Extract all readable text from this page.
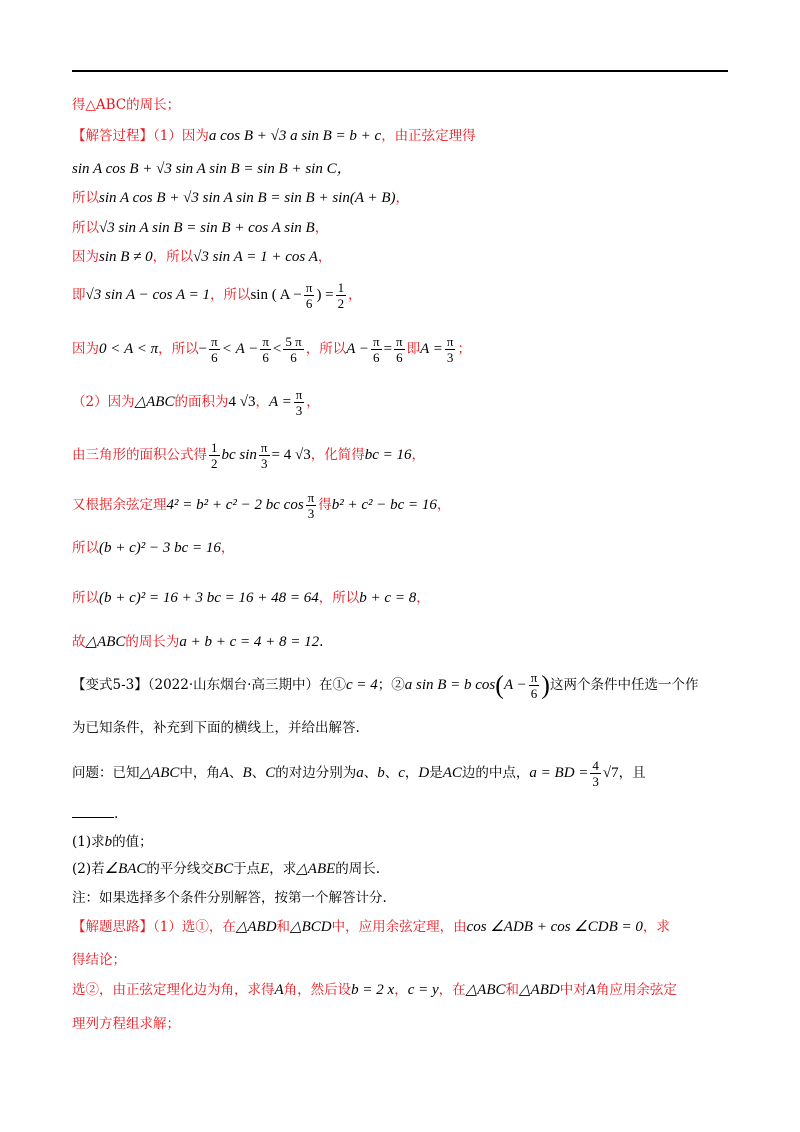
得△ABC的周长；
【解答过程】（1）因为a cos B + √3 a sin B = b + c，由正弦定理得
sin A cos B + √3 sin A sin B = sin B + sin C，
所以sin A cos B + √3 sin A sin B = sin B + sin(A + B)，
所以√3 sin A sin B = sin B + cos A sin B，
因为sin B ≠ 0，所以√3 sin A = 1 + cos A，
即√3 sin A − cos A = 1，所以sin ( $A - \frac{\pi}{6}$ ) = $\frac{1}{2}$ ，
因为0 < A < π，所以− $\frac{\pi}{6} < A - \frac{\pi}{6} < \frac{5 \pi}{6}$ ，所以$A - \frac{\pi}{6} = \frac{\pi}{6}$ 即$A = \frac{\pi}{3}$ ；
（2）因为△ABC的面积为4 √3，$A = \frac{\pi}{3}$ ，
由三角形的面积公式得 $\frac{1}{2}$ bc $\sin \frac{\pi}{3} = 4$ √3，化简得bc = 16，
又根据余弦定理4² = b² + c² − 2 bc $\cos \frac{\pi}{3}$ 得b² + c² − bc = 16，
所以(b + c)² − 3 bc = 16，
所以(b + c)² = 16 + 3 bc = 16 + 48 = 64，所以b + c = 8，
故△ABC的周长为a + b + c = 4 + 8 = 12.
【变式5-3】（2022·山东烟台·高三期中）在①c = 4；②a sin B = b $\cos(A - \frac{\pi}{6}$ )这两个条件中任选一个作
为已知条件，补充到下面的横线上，并给出解答.
问题：已知△ABC中，角A、B、C的对边分别为a、b、c，D是AC边的中点，a = BD = $\frac{4}{3} √7$，且
.
(1)求b的值；
(2)若∠BAC的平分线交BC于点E，求△ABE的周长.
注：如果选择多个条件分别解答，按第一个解答计分.
【解题思路】（1）选①，在△ABD和△BCD中，应用余弦定理，由cos ∠ADB + cos ∠CDB = 0，求
得结论；
选②，由正弦定理化边为角，求得A角，然后设b = 2 x，c = y，在△ABC和△ABD中对A角应用余弦定
理列方程组求解；
